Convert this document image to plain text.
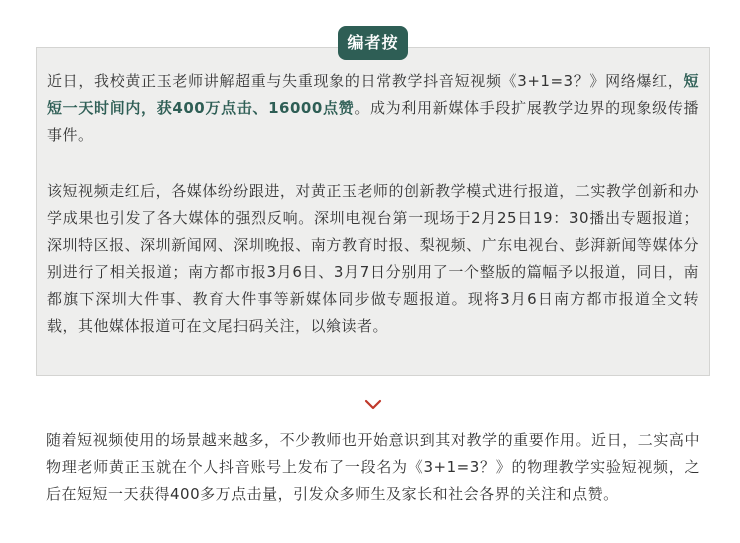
编者按

近日，我校黄正玉老师讲解超重与失重现象的日常教学抖音短视频《3+1=3？》网络爆红，短短一天时间内，获400万点击、16000点赞。成为利用新媒体手段扩展教学边界的现象级传播事件。

该短视频走红后，各媒体纷纷跟进，对黄正玉老师的创新教学模式进行报道，二实教学创新和办学成果也引发了各大媒体的强烈反响。深圳电视台第一现场于2月25日19：30播出专题报道；深圳特区报、深圳新闻网、深圳晚报、南方教育时报、梨视频、广东电视台、彭湃新闻等媒体分别进行了相关报道；南方都市报3月6日、3月7日分别用了一个整版的篇幅予以报道，同日，南都旗下深圳大件事、教育大件事等新媒体同步做专题报道。现将3月6日南方都市报道全文转载，其他媒体报道可在文尾扫码关注，以飨读者。

随着短视频使用的场景越来越多，不少教师也开始意识到其对教学的重要作用。近日，二实高中物理老师黄正玉就在个人抖音账号上发布了一段名为《3+1=3？》的物理教学实验短视频，之后在短短一天获得400多万点击量，引发众多师生及家长和社会各界的关注和点赞。
